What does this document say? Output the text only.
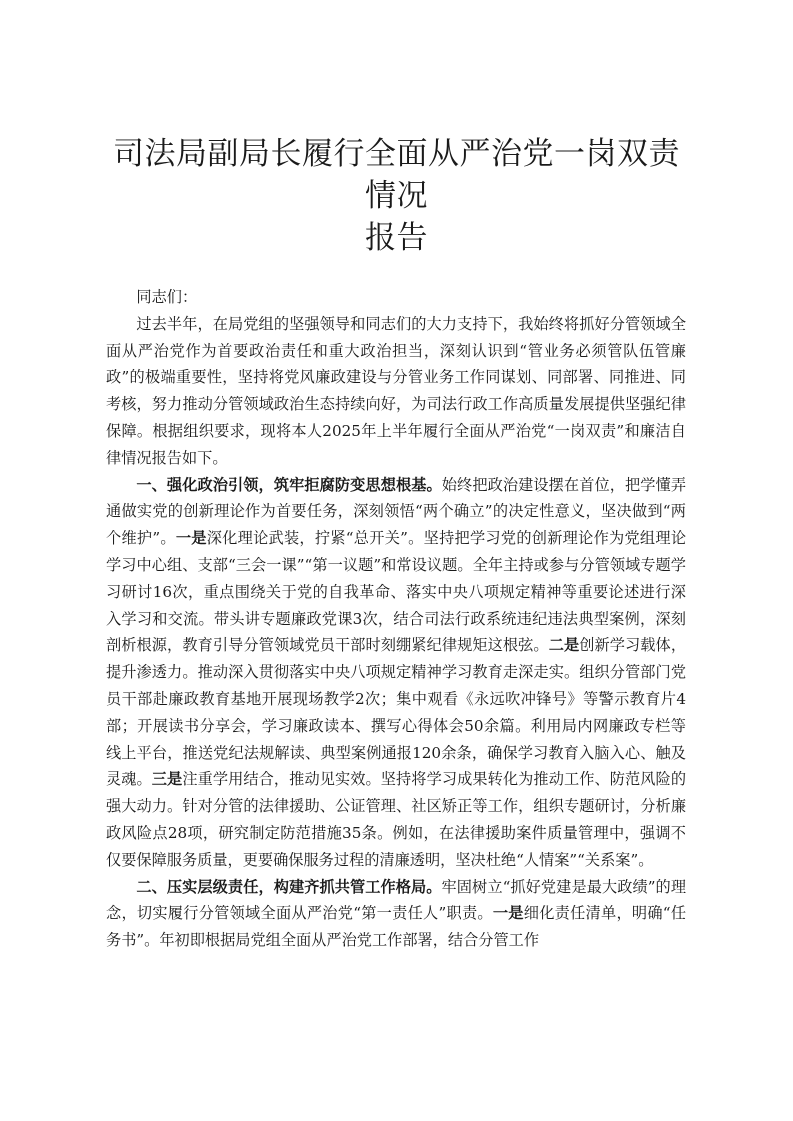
司法局副局长履行全面从严治党一岗双责情况
报告

同志们：

过去半年，在局党组的坚强领导和同志们的大力支持下，我始终将抓好分管领域全面从严治党作为首要政治责任和重大政治担当，深刻认识到“管业务必须管队伍管廉政”的极端重要性，坚持将党风廉政建设与分管业务工作同谋划、同部署、同推进、同考核，努力推动分管领域政治生态持续向好，为司法行政工作高质量发展提供坚强纪律保障。根据组织要求，现将本人2025年上半年履行全面从严治党“一岗双责”和廉洁自律情况报告如下。

一、强化政治引领，筑牢拒腐防变思想根基。始终把政治建设摆在首位，把学懂弄通做实党的创新理论作为首要任务，深刻领悟“两个确立”的决定性意义，坚决做到“两个维护”。一是深化理论武装，拧紧“总开关”。坚持把学习党的创新理论作为党组理论学习中心组、支部“三会一课”“第一议题”和常设议题。全年主持或参与分管领域专题学习研讨16次，重点围绕关于党的自我革命、落实中央八项规定精神等重要论述进行深入学习和交流。带头讲专题廉政党课3次，结合司法行政系统违纪违法典型案例，深刻剖析根源，教育引导分管领域党员干部时刻绷紧纪律规矩这根弦。二是创新学习载体，提升渗透力。推动深入贯彻落实中央八项规定精神学习教育走深走实。组织分管部门党员干部赴廉政教育基地开展现场教学2次；集中观看《永远吹冲锋号》等警示教育片4部；开展读书分享会，学习廉政读本、撰写心得体会50余篇。利用局内网廉政专栏等线上平台，推送党纪法规解读、典型案例通报120余条，确保学习教育入脑入心、触及灵魂。三是注重学用结合，推动见实效。坚持将学习成果转化为推动工作、防范风险的强大动力。针对分管的法律援助、公证管理、社区矫正等工作，组织专题研讨，分析廉政风险点28项，研究制定防范措施35条。例如，在法律援助案件质量管理中，强调不仅要保障服务质量，更要确保服务过程的清廉透明，坚决杜绝“人情案”“关系案”。

二、压实层级责任，构建齐抓共管工作格局。牢固树立“抓好党建是最大政绩”的理念，切实履行分管领域全面从严治党“第一责任人”职责。一是细化责任清单，明确“任务书”。年初即根据局党组全面从严治党工作部署，结合分管工作
